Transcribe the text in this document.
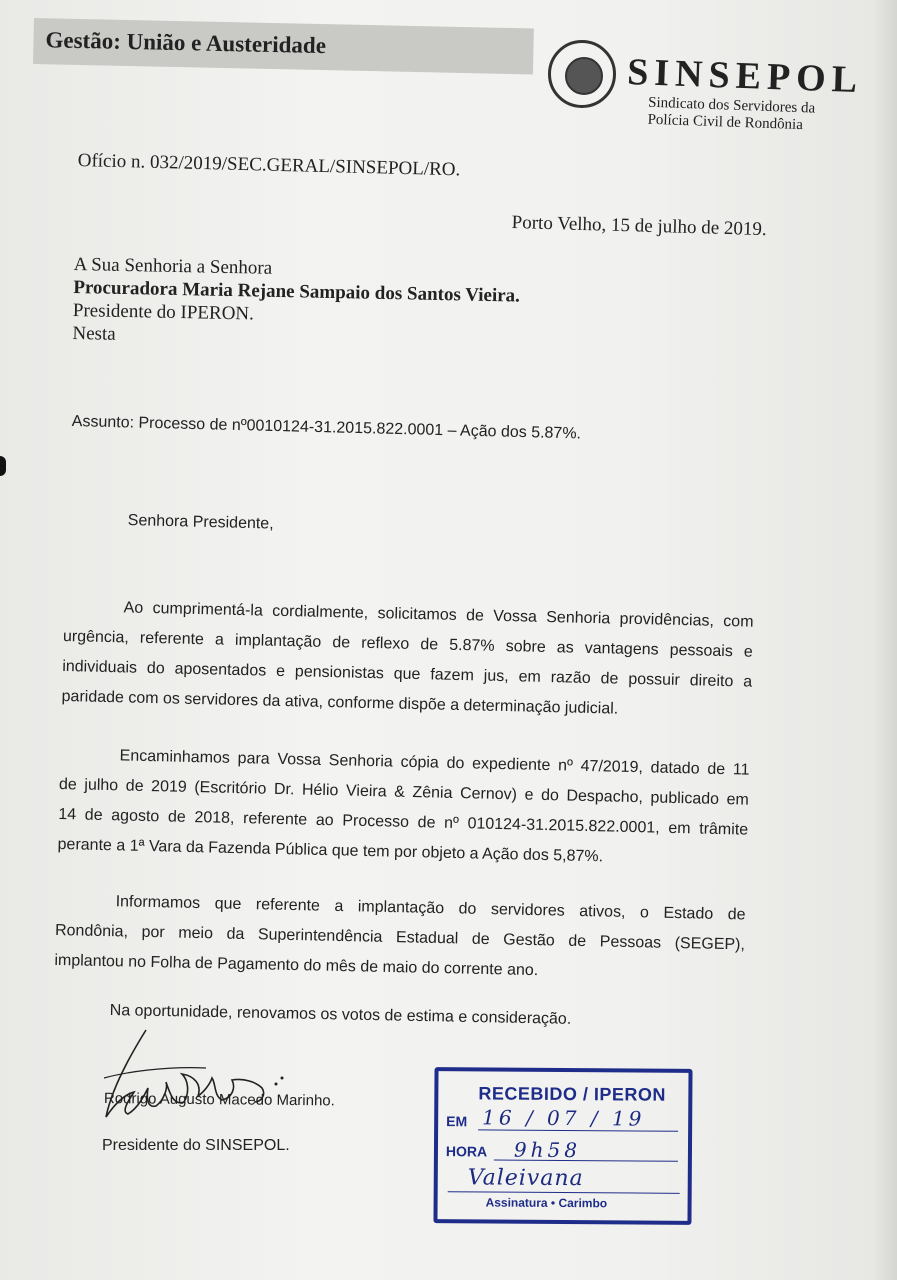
Gestão: União e Austeridade
SINSEPOL
Sindicato dos Servidores da
Polícia Civil de Rondônia
Ofício n. 032/2019/SEC.GERAL/SINSEPOL/RO.
Porto Velho, 15 de julho de 2019.
A Sua Senhoria a Senhora
Procuradora Maria Rejane Sampaio dos Santos Vieira.
Presidente do IPERON.
Nesta
Assunto: Processo de nº0010124-31.2015.822.0001 – Ação dos 5.87%.
Senhora Presidente,
Ao cumprimentá-la cordialmente, solicitamos de Vossa Senhoria providências, com
urgência, referente a implantação de reflexo de 5.87% sobre as vantagens pessoais e
individuais do aposentados e pensionistas que fazem jus, em razão de possuir direito a
paridade com os servidores da ativa, conforme dispõe a determinação judicial.
Encaminhamos para Vossa Senhoria cópia do expediente nº 47/2019, datado de 11
de julho de 2019 (Escritório Dr. Hélio Vieira & Zênia Cernov) e do Despacho, publicado em
14 de agosto de 2018, referente ao Processo de nº 010124-31.2015.822.0001, em trâmite
perante a 1ª Vara da Fazenda Pública que tem por objeto a Ação dos 5,87%.
Informamos que referente a implantação do servidores ativos, o Estado de
Rondônia, por meio da Superintendência Estadual de Gestão de Pessoas (SEGEP),
implantou no Folha de Pagamento do mês de maio do corrente ano.
Na oportunidade, renovamos os votos de estima e consideração.
Rodrigo Augusto Macedo Marinho.
Presidente do SINSEPOL.
RECEBIDO / IPERON
EM 16 / 07 / 19
HORA 9h58
Valeivana
Assinatura • Carimbo
